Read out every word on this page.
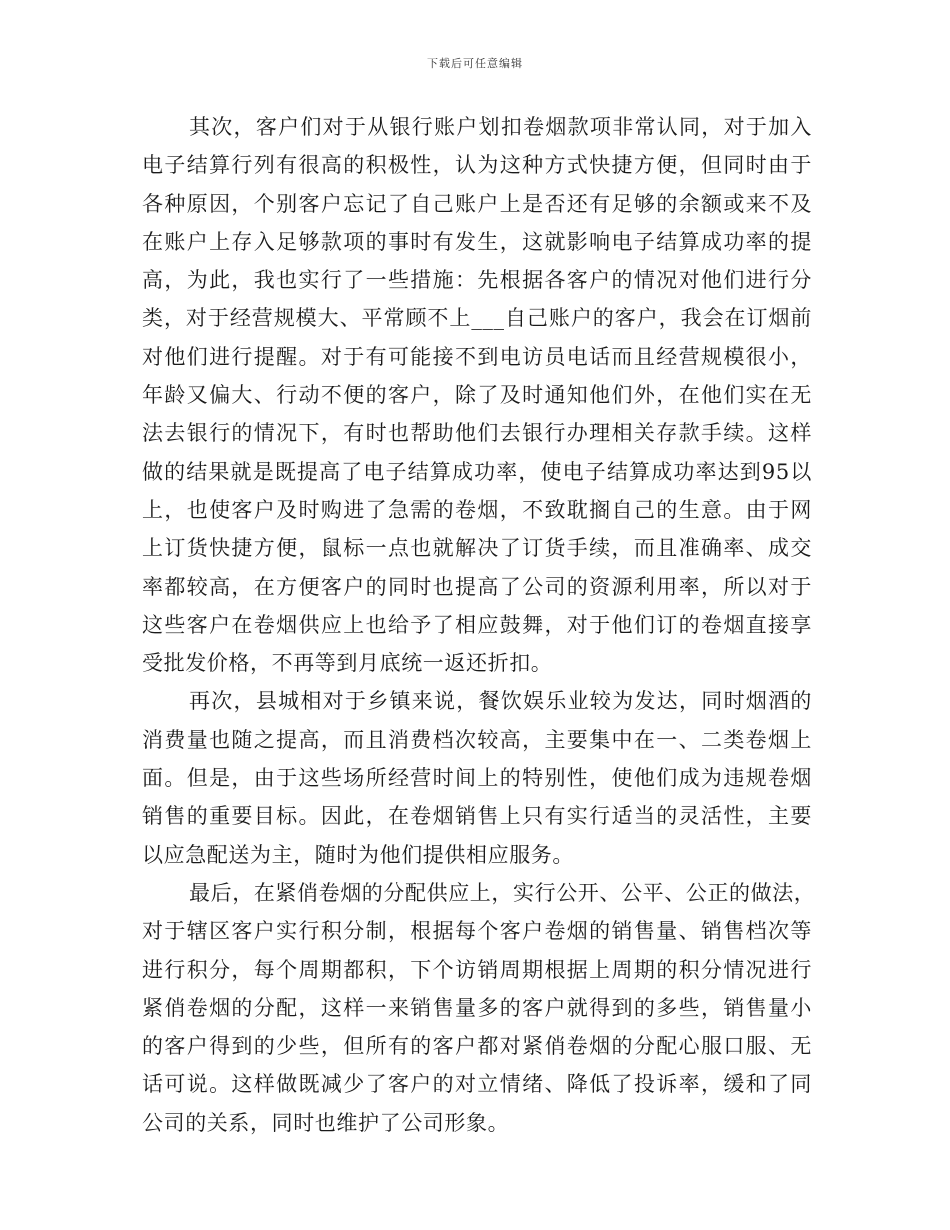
下载后可任意编辑
其次，客户们对于从银行账户划扣卷烟款项非常认同，对于加入
电子结算行列有很高的积极性，认为这种方式快捷方便，但同时由于
各种原因，个别客户忘记了自己账户上是否还有足够的余额或来不及
在账户上存入足够款项的事时有发生，这就影响电子结算成功率的提
高，为此，我也实行了一些措施：先根据各客户的情况对他们进行分
类，对于经营规模大、平常顾不上___自己账户的客户，我会在订烟前
对他们进行提醒。对于有可能接不到电访员电话而且经营规模很小，
年龄又偏大、行动不便的客户，除了及时通知他们外，在他们实在无
法去银行的情况下，有时也帮助他们去银行办理相关存款手续。这样
做的结果就是既提高了电子结算成功率，使电子结算成功率达到95以
上，也使客户及时购进了急需的卷烟，不致耽搁自己的生意。由于网
上订货快捷方便，鼠标一点也就解决了订货手续，而且准确率、成交
率都较高，在方便客户的同时也提高了公司的资源利用率，所以对于
这些客户在卷烟供应上也给予了相应鼓舞，对于他们订的卷烟直接享
受批发价格，不再等到月底统一返还折扣。
再次，县城相对于乡镇来说，餐饮娱乐业较为发达，同时烟酒的
消费量也随之提高，而且消费档次较高，主要集中在一、二类卷烟上
面。但是，由于这些场所经营时间上的特别性，使他们成为违规卷烟
销售的重要目标。因此，在卷烟销售上只有实行适当的灵活性，主要
以应急配送为主，随时为他们提供相应服务。
最后，在紧俏卷烟的分配供应上，实行公开、公平、公正的做法，
对于辖区客户实行积分制，根据每个客户卷烟的销售量、销售档次等
进行积分，每个周期都积，下个访销周期根据上周期的积分情况进行
紧俏卷烟的分配，这样一来销售量多的客户就得到的多些，销售量小
的客户得到的少些，但所有的客户都对紧俏卷烟的分配心服口服、无
话可说。这样做既减少了客户的对立情绪、降低了投诉率，缓和了同
公司的关系，同时也维护了公司形象。
